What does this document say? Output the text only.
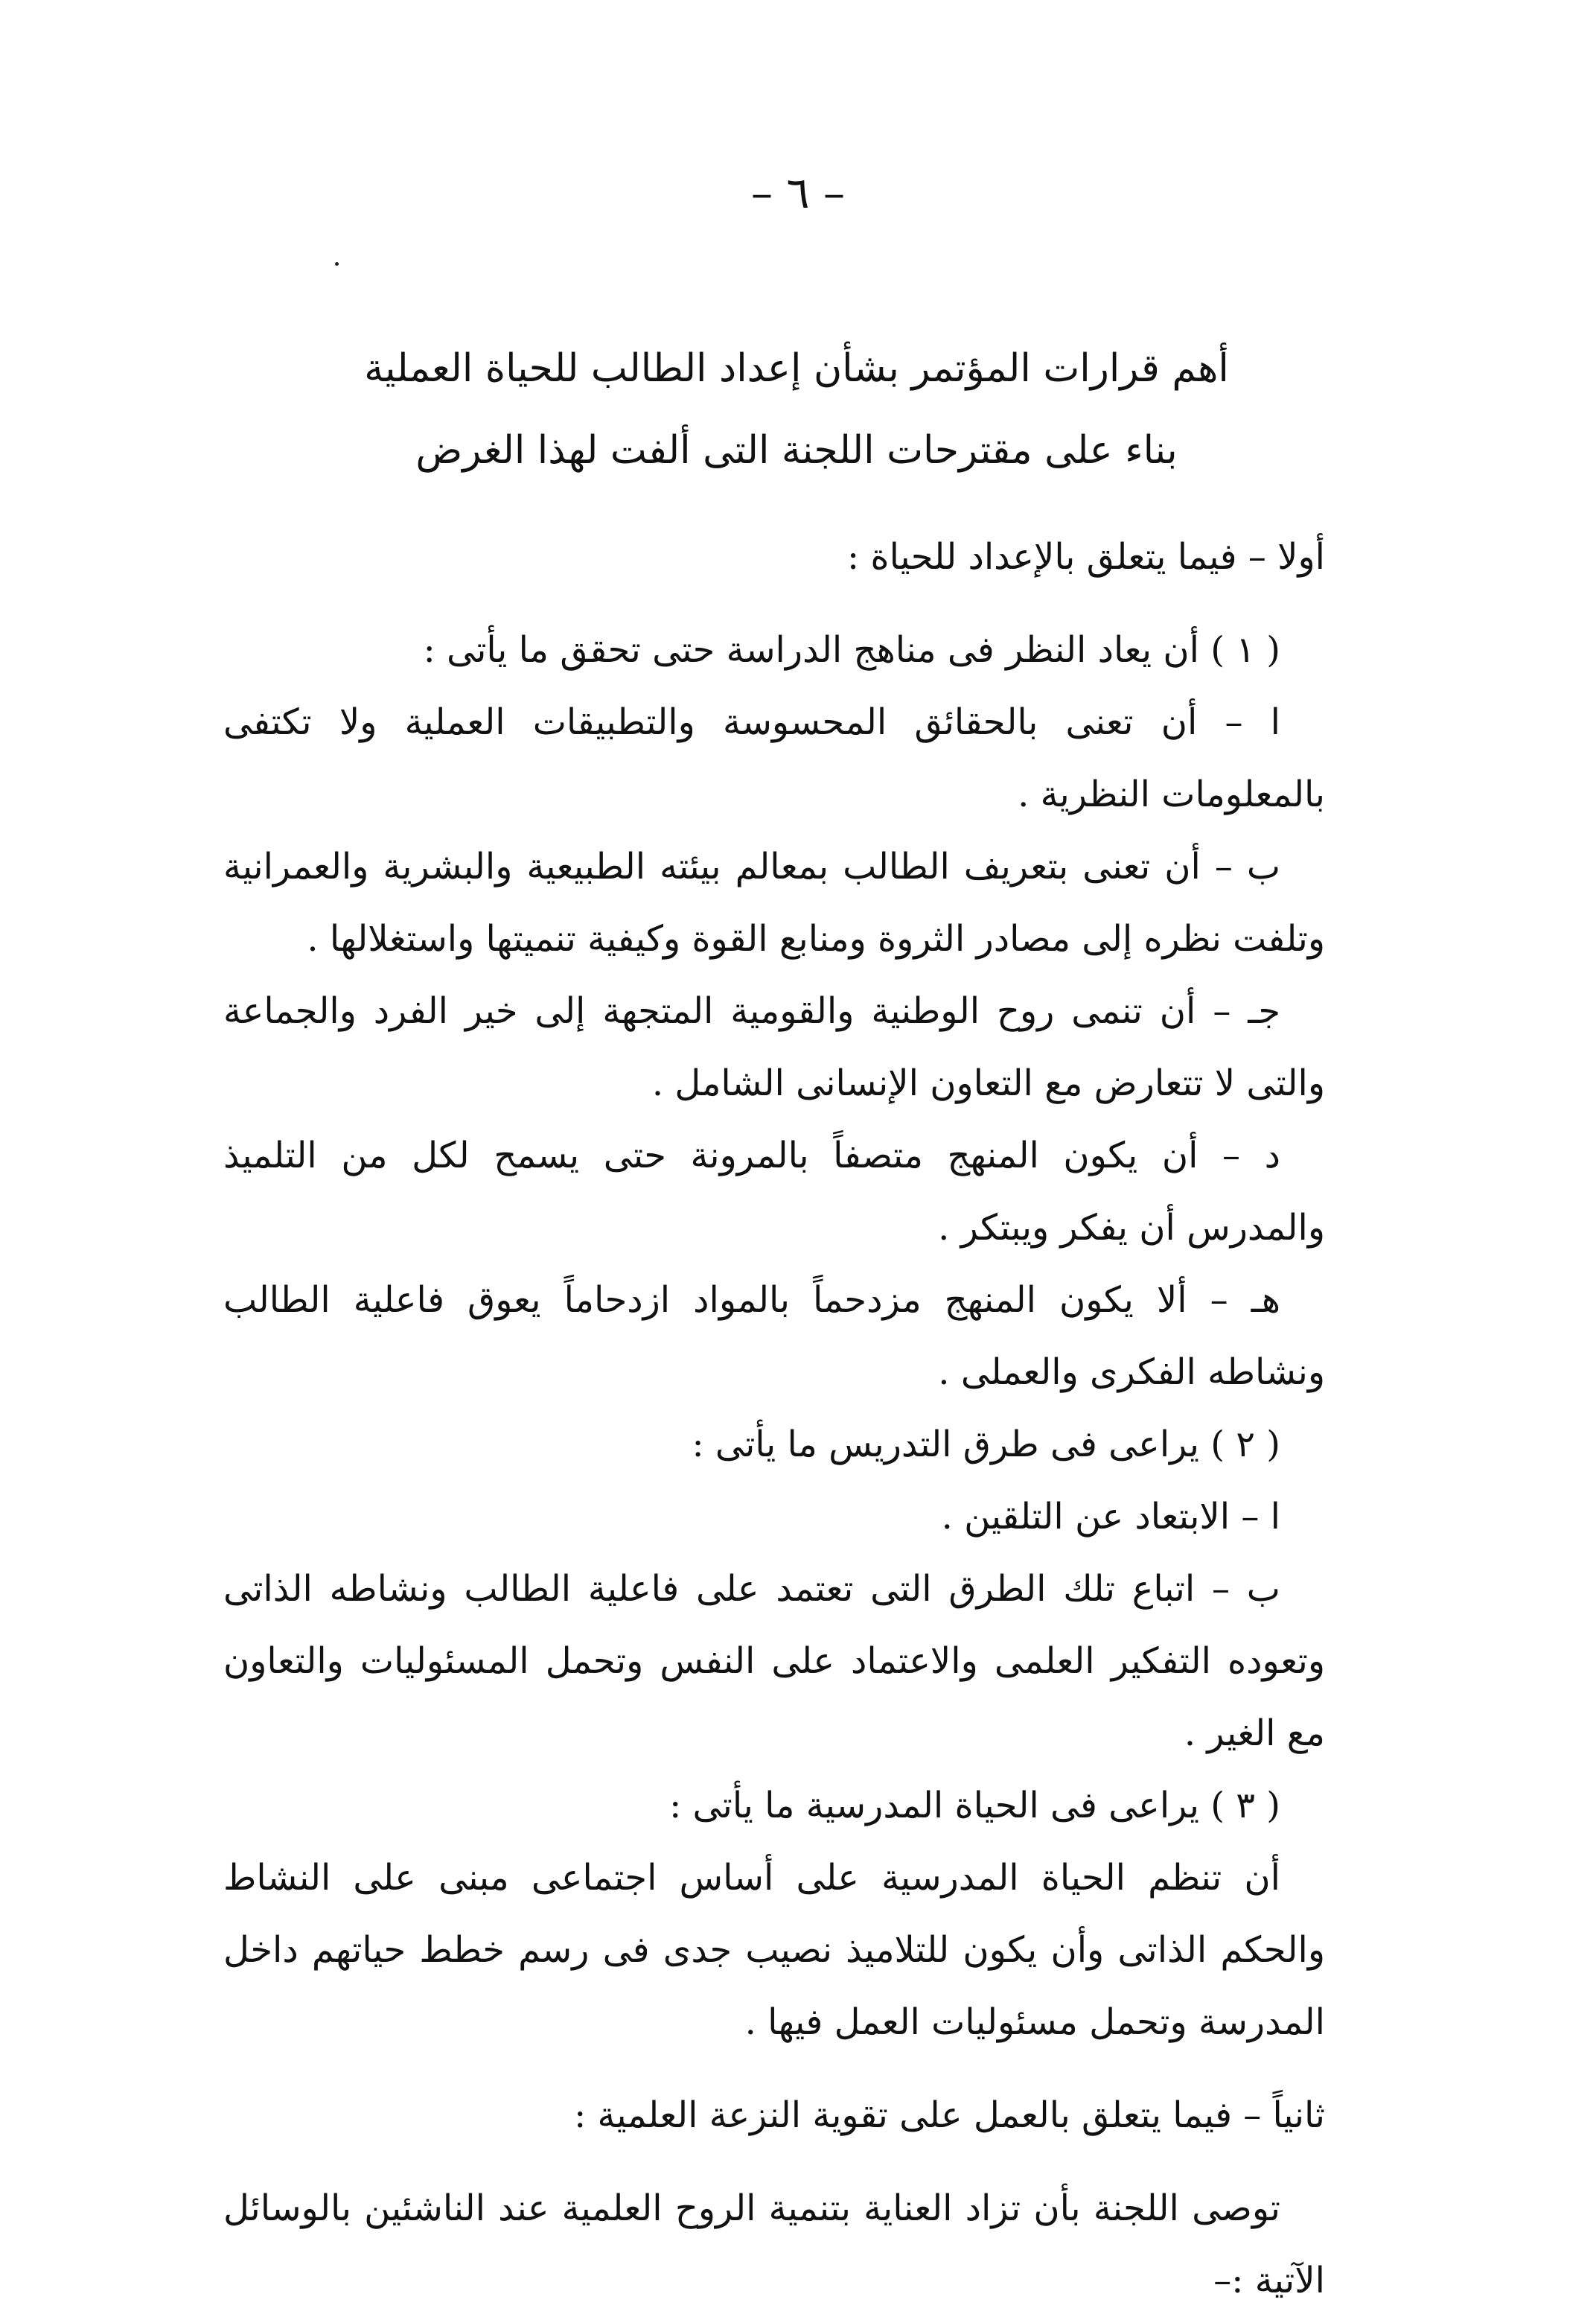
– ٦ –
أهم قرارات المؤتمر بشأن إعداد الطالب للحياة العملية
بناء على مقترحات اللجنة التى ألفت لهذا الغرض

أولا – فيما يتعلق بالإعداد للحياة :

( ١ ) أن يعاد النظر فى مناهج الدراسة حتى تحقق ما يأتى :

ا – أن تعنى بالحقائق المحسوسة والتطبيقات العملية ولا تكتفى بالمعلومات النظرية .

ب – أن تعنى بتعريف الطالب بمعالم بيئته الطبيعية والبشرية والعمرانية وتلفت نظره إلى مصادر الثروة ومنابع القوة وكيفية تنميتها واستغلالها .

جـ – أن تنمى روح الوطنية والقومية المتجهة إلى خير الفرد والجماعة والتى لا تتعارض مع التعاون الإنسانى الشامل .

د – أن يكون المنهج متصفاً بالمرونة حتى يسمح لكل من التلميذ والمدرس أن يفكر ويبتكر .

هـ – ألا يكون المنهج مزدحماً بالمواد ازدحاماً يعوق فاعلية الطالب ونشاطه الفكرى والعملى .

( ٢ ) يراعى فى طرق التدريس ما يأتى :

ا – الابتعاد عن التلقين .

ب – اتباع تلك الطرق التى تعتمد على فاعلية الطالب ونشاطه الذاتى وتعوده التفكير العلمى والاعتماد على النفس وتحمل المسئوليات والتعاون مع الغير .

( ٣ ) يراعى فى الحياة المدرسية ما يأتى :

أن تنظم الحياة المدرسية على أساس اجتماعى مبنى على النشاط والحكم الذاتى وأن يكون للتلاميذ نصيب جدى فى رسم خطط حياتهم داخل المدرسة وتحمل مسئوليات العمل فيها .

ثانياً – فيما يتعلق بالعمل على تقوية النزعة العلمية :

توصى اللجنة بأن تزاد العناية بتنمية الروح العلمية عند الناشئين بالوسائل الآتية :–
